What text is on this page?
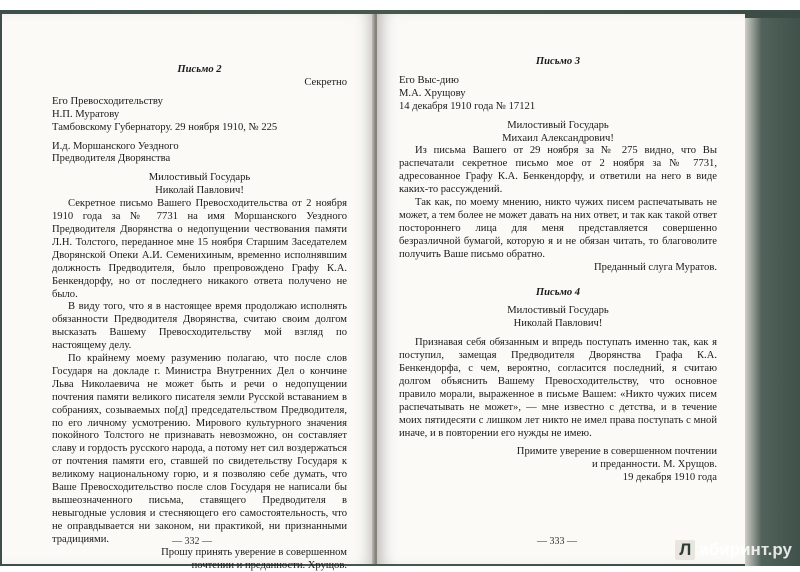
Письмо 2
Секретно
Его Превосходительству
Н.П. Муратову
Тамбовскому Губернатору. 29 ноября 1910, № 225
И.д. Моршанского Уездного
Предводителя Дворянства
Милостивый Государь
Николай Павлович!
Секретное письмо Вашего Превосходительства от 2 ноября 1910 года за № 7731 на имя Моршанского Уездного Предводителя Дворянства о недопущении чествования памяти Л.Н. Толстого, переданное мне 15 ноября Старшим Заседателем Дворянской Опеки А.И. Семенихиным, временно исполнявшим должность Предводителя, было препровождено Графу К.А. Бенкендорфу, но от последнего никакого ответа получено не было.
В виду того, что я в настоящее время продолжаю исполнять обязанности Предводителя Дворянства, считаю своим долгом высказать Вашему Превосходительству мой взгляд по настоящему делу.
По крайнему моему разумению полагаю, что после слов Государя на докладе г. Министра Внутренних Дел о кончине Льва Николаевича не может быть и речи о недопущении почтения памяти великого писателя земли Русской вставанием в собраниях, созываемых по[д] председательством Предводителя, по его личному усмотрению. Мирового культурного значения покойного Толстого не признавать невозможно, он составляет славу и гордость русского народа, а потому нет сил воздержаться от почтения памяти его, ставшей по свидетельству Государя к великому национальному горю, и я позволяю себе думать, что Ваше Превосходительство после слов Государя не написали бы вышеозначенного письма, ставящего Предводителя в невыгодные условия и стесняющего его самостоятельность, что не оправдывается ни законом, ни практикой, ни признанными традициями.
Прошу принять уверение в совершенном
почтении и преданности. Хрущов.
— 332 —
Письмо 3
Его Выс-дию
М.А. Хрущову
14 декабря 1910 года № 17121
Милостивый Государь
Михаил Александрович!
Из письма Вашего от 29 ноября за № 275 видно, что Вы распечатали секретное письмо мое от 2 ноября за № 7731, адресованное Графу К.А. Бенкендорфу, и ответили на него в виде каких-то рассуждений.
Так как, по моему мнению, никто чужих писем распечатывать не может, а тем более не может давать на них ответ, и так как такой ответ постороннего лица для меня представляется совершенно безразличной бумагой, которую я и не обязан читать, то благоволите получить Ваше письмо обратно.
Преданный слуга Муратов.
Письмо 4
Милостивый Государь
Николай Павлович!
Признавая себя обязанным и впредь поступать именно так, как я поступил, замещая Предводителя Дворянства Графа К.А. Бенкендорфа, с чем, вероятно, согласится последний, я считаю долгом объяснить Вашему Превосходительству, что основное правило морали, выраженное в письме Вашем: «Никто чужих писем распечатывать не может», — мне известно с детства, и в течение моих пятидесяти с лишком лет никто не имел права поступать с мной иначе, и в повторении его нужды не имею.
Примите уверение в совершенном почтении
и преданности. М. Хрущов.
19 декабря 1910 года
— 333 —	Л абиринт.ру
